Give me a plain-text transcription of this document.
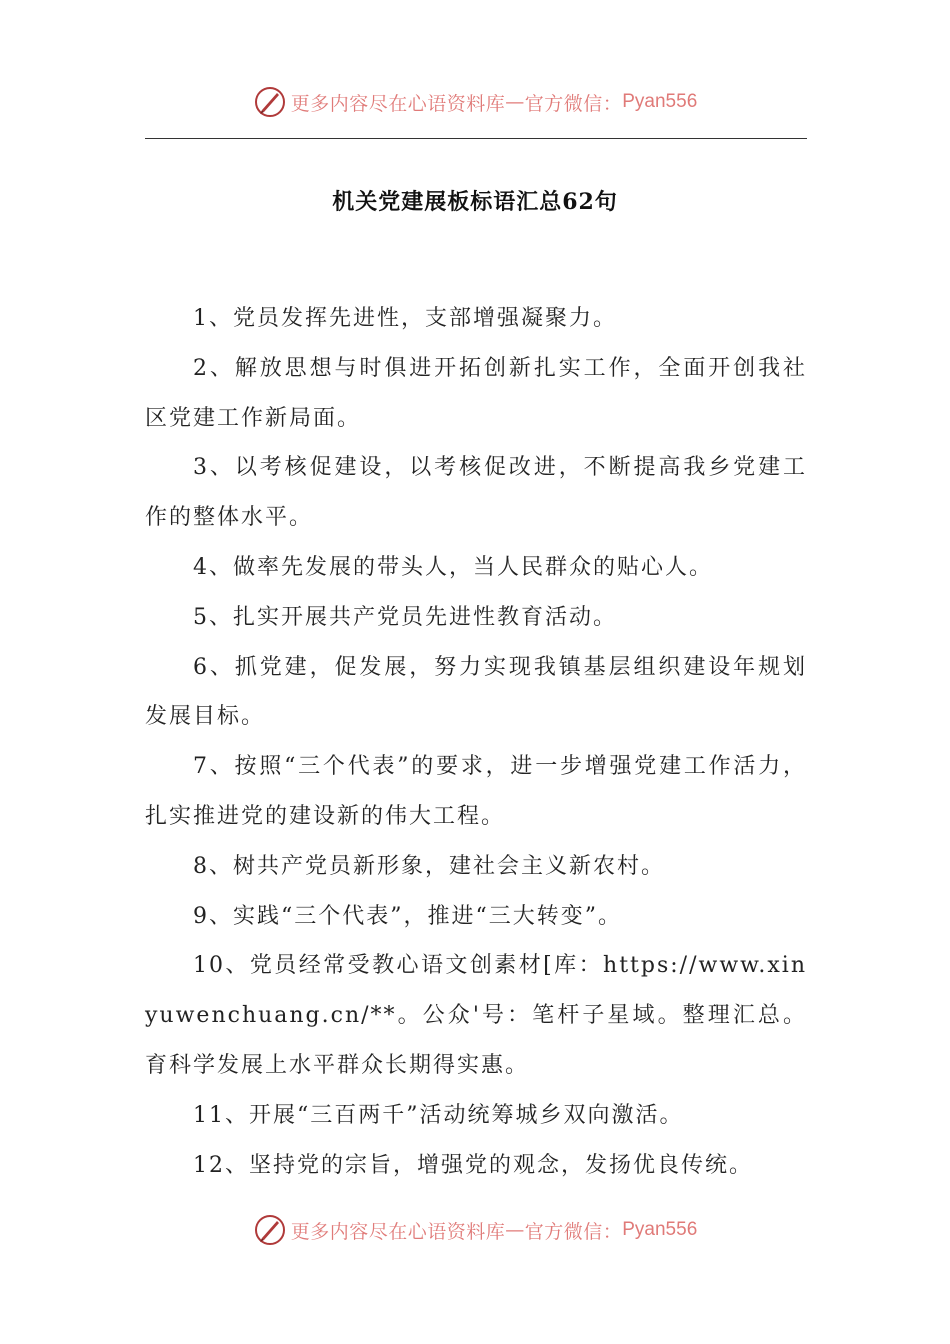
更多内容尽在心语资料库 — 官方微信： Pyan556
机关党建展板标语汇总62句

1、党员发挥先进性，支部增强凝聚力。

2、解放思想与时俱进开拓创新扎实工作，全面开创我社区党建工作新局面。

3、以考核促建设，以考核促改进，不断提高我乡党建工作的整体水平。

4、做率先发展的带头人，当人民群众的贴心人。

5、扎实开展共产党员先进性教育活动。

6、抓党建，促发展，努力实现我镇基层组织建设年规划发展目标。

7、按照“三个代表”的要求，进一步增强党建工作活力，扎实推进党的建设新的伟大工程。

8、树共产党员新形象，建社会主义新农村。

9、实践“三个代表”，推进“三大转变”。

10、党员经常受教心语文创素材[库：https://www.xinyuwenchuang.cn/**。公众'号：笔杆子星域。整理汇总。育科学发展上水平群众长期得实惠。

11、开展“三百两千”活动统筹城乡双向激活。

12、坚持党的宗旨，增强党的观念，发扬优良传统。

更多内容尽在心语资料库 — 官方微信： Pyan556
